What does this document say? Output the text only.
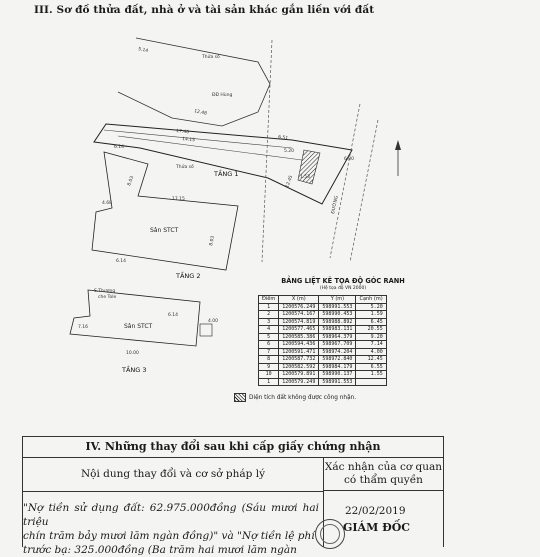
III. Sơ đồ thửa đất, nhà ở và tài sản khác gắn liền với đất
Thửa số
ĐĐ Hùng
Thửa số
TẦNG 1
Sân STCT
TẦNG 2
S.Thượng
che Tole
Sân STCT
TẦNG 3
ĐƯỜNG
5.14
12.48
17.46
14.15	6.51
6.14
8.03
17.15
4.68
6.14
8.03
7.16
10.00
4.00
6.14
5.20
6.00
12.45 1.53
BẢNG LIỆT KÊ TỌA ĐỘ GÓC RANH
(Hệ tọa độ VN 2000)
Điểm	X (m)	Y (m)	Cạnh (m)
1	1200576.249	598991.553	5.20
2	1200574.167	598990.453	1.59
3	1200574.819	598988.892	6.45
4	1200577.465	598983.131	20.55
5	1200585.386	598964.379	9.20
6	1200594.436	598967.709	7.14
7	1200591.471	598974.204	4.00
8	1200587.732	598972.840	12.45
9	1200582.592	598984.179	6.55
10	1200579.891	598990.137	1.55
1	1200579.249	598991.553	
Diện tích đất không được công nhận.
IV. Những thay đổi sau khi cấp giấy chứng nhận
Nội dung thay đổi và cơ sở pháp lý
Xác nhận của cơ quan
có thẩm quyền
"Nợ tiền sử dụng đất: 62.975.000đồng (Sáu mươi hai triệu
chín trăm bảy mươi lăm ngàn đồng)" và "Nợ tiền lệ phí
trước bạ: 325.000đồng (Ba trăm hai mươi lăm ngàn
22/02/2019
GIÁM ĐỐC
